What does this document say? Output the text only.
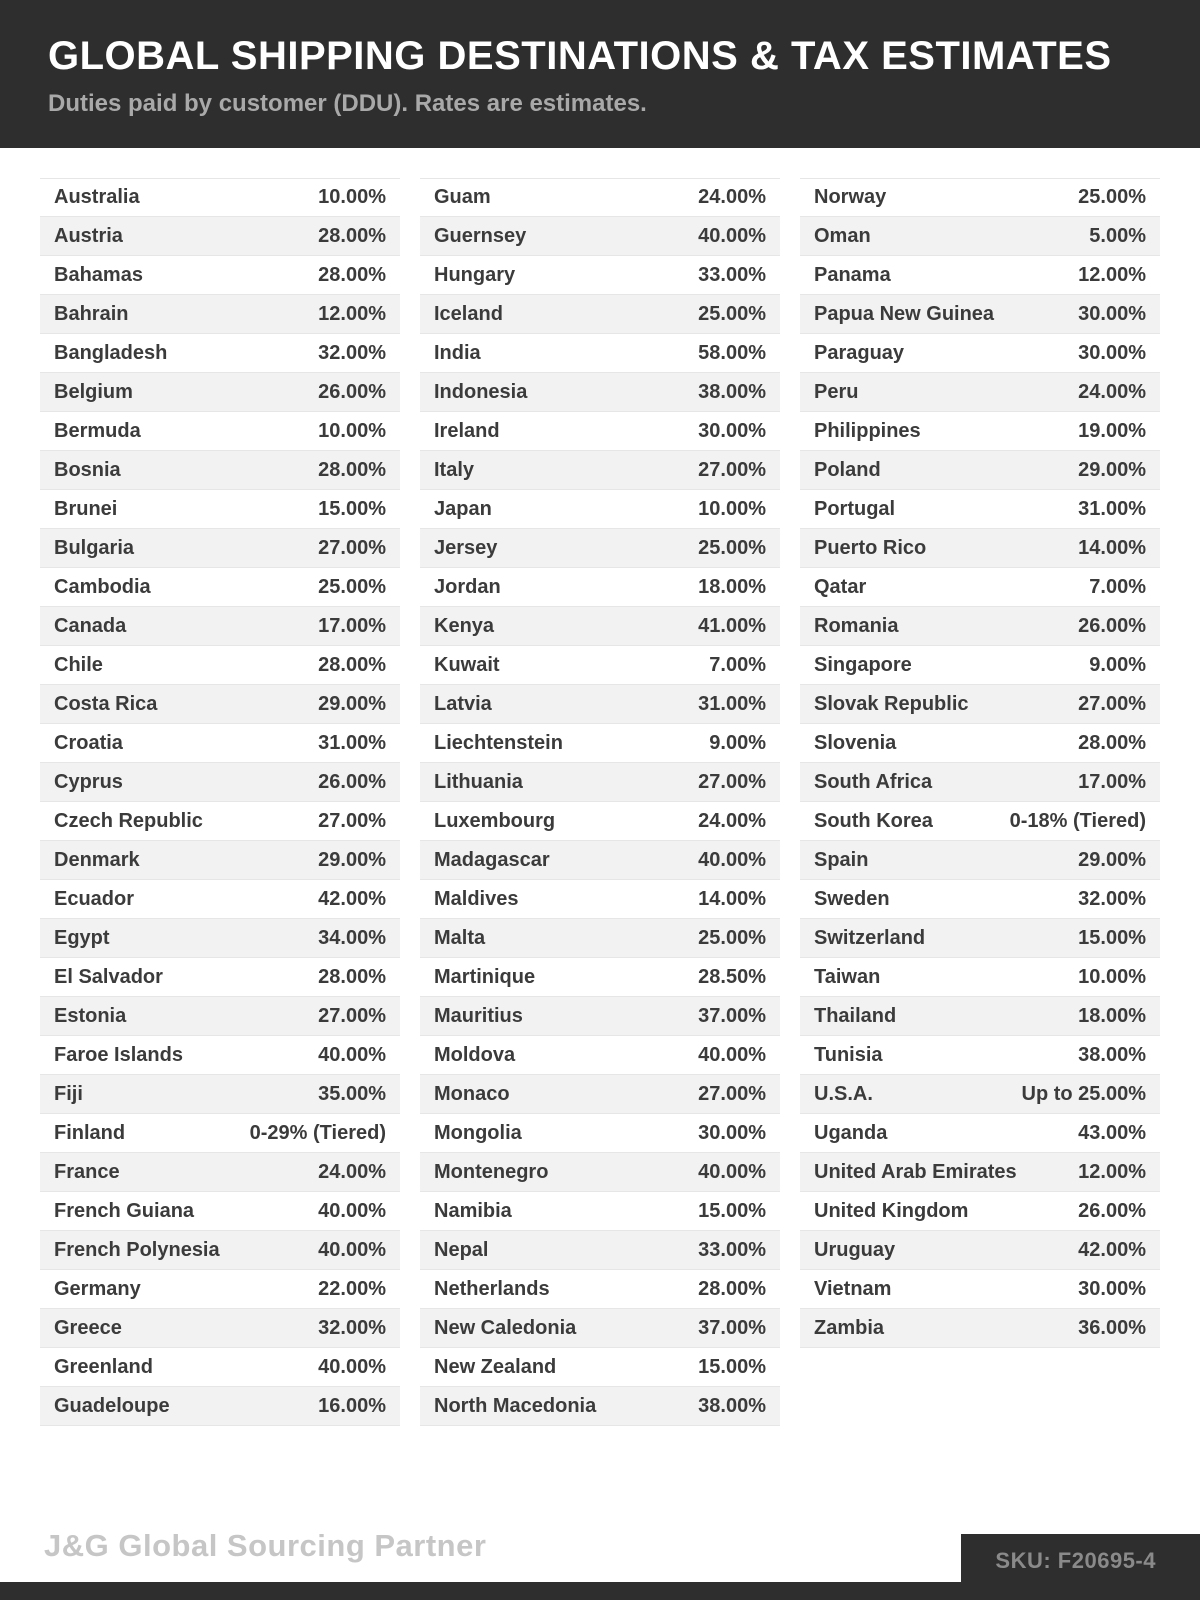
GLOBAL SHIPPING DESTINATIONS & TAX ESTIMATES

Duties paid by customer (DDU). Rates are estimates.

Australia	10.00%
Austria	28.00%
Bahamas	28.00%
Bahrain	12.00%
Bangladesh	32.00%
Belgium	26.00%
Bermuda	10.00%
Bosnia	28.00%
Brunei	15.00%
Bulgaria	27.00%
Cambodia	25.00%
Canada	17.00%
Chile	28.00%
Costa Rica	29.00%
Croatia	31.00%
Cyprus	26.00%
Czech Republic	27.00%
Denmark	29.00%
Ecuador	42.00%
Egypt	34.00%
El Salvador	28.00%
Estonia	27.00%
Faroe Islands	40.00%
Fiji	35.00%
Finland	0-29% (Tiered)
France	24.00%
French Guiana	40.00%
French Polynesia	40.00%
Germany	22.00%
Greece	32.00%
Greenland	40.00%
Guadeloupe	16.00%
Guam	24.00%
Guernsey	40.00%
Hungary	33.00%
Iceland	25.00%
India	58.00%
Indonesia	38.00%
Ireland	30.00%
Italy	27.00%
Japan	10.00%
Jersey	25.00%
Jordan	18.00%
Kenya	41.00%
Kuwait	7.00%
Latvia	31.00%
Liechtenstein	9.00%
Lithuania	27.00%
Luxembourg	24.00%
Madagascar	40.00%
Maldives	14.00%
Malta	25.00%
Martinique	28.50%
Mauritius	37.00%
Moldova	40.00%
Monaco	27.00%
Mongolia	30.00%
Montenegro	40.00%
Namibia	15.00%
Nepal	33.00%
Netherlands	28.00%
New Caledonia	37.00%
New Zealand	15.00%
North Macedonia	38.00%
Norway	25.00%
Oman	5.00%
Panama	12.00%
Papua New Guinea	30.00%
Paraguay	30.00%
Peru	24.00%
Philippines	19.00%
Poland	29.00%
Portugal	31.00%
Puerto Rico	14.00%
Qatar	7.00%
Romania	26.00%
Singapore	9.00%
Slovak Republic	27.00%
Slovenia	28.00%
South Africa	17.00%
South Korea	0-18% (Tiered)
Spain	29.00%
Sweden	32.00%
Switzerland	15.00%
Taiwan	10.00%
Thailand	18.00%
Tunisia	38.00%
U.S.A.	Up to 25.00%
Uganda	43.00%
United Arab Emirates	12.00%
United Kingdom	26.00%
Uruguay	42.00%
Vietnam	30.00%
Zambia	36.00%
J&G Global Sourcing Partner	SKU: F20695-4
